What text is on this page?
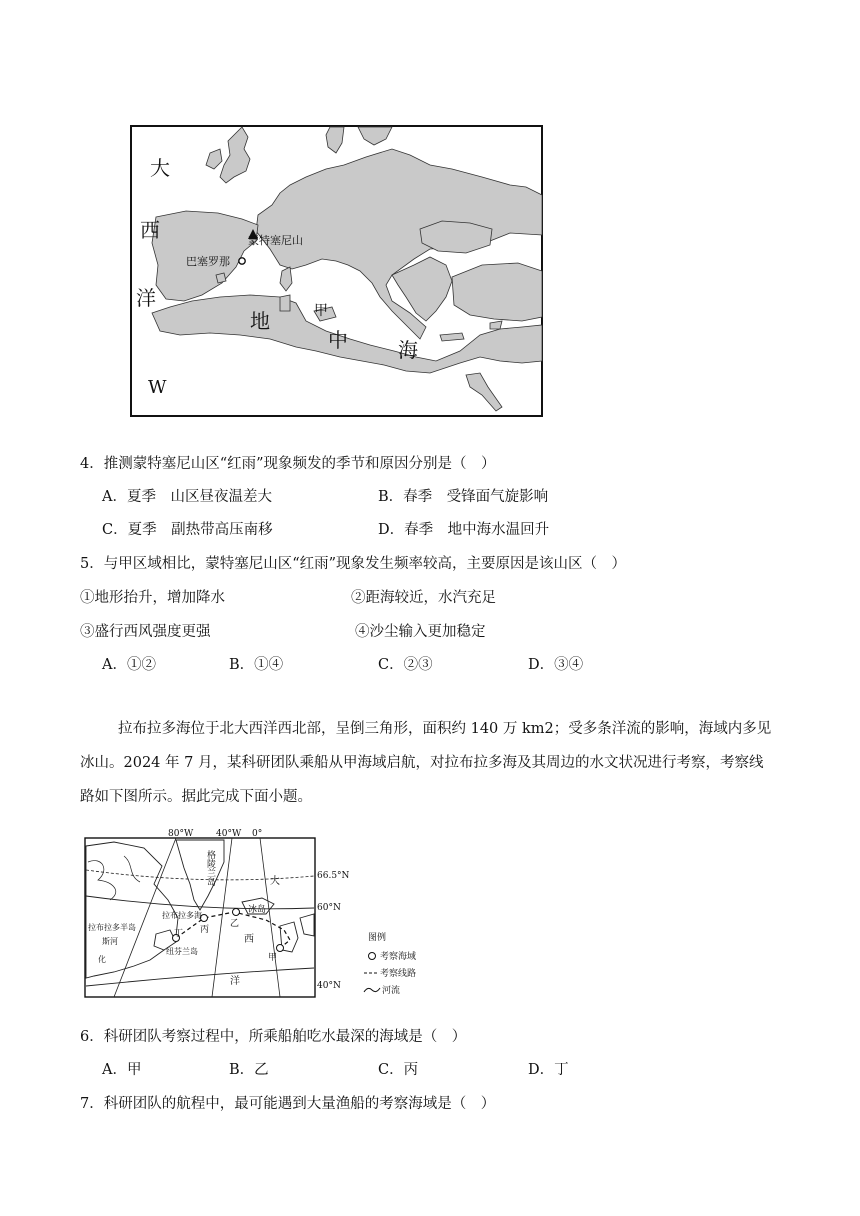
大
西
洋
W
地
中	海
甲
蒙特塞尼山
巴塞罗那
4．推测蒙特塞尼山区“红雨”现象频发的季节和原因分别是（　）
A．夏季　山区昼夜温差大	B．春季　受锋面气旋影响
C．夏季　副热带高压南移	D．春季　地中海水温回升
5．与甲区域相比，蒙特塞尼山区“红雨”现象发生频率较高，主要原因是该山区（　）
①地形抬升，增加降水	②距海较近，水汽充足
③盛行西风强度更强	④沙尘输入更加稳定
A．①②	B．①④	C．②③	D．③④
拉布拉多海位于北大西洋西北部，呈倒三角形，面积约 140 万 km2；受多条洋流的影响，海域内多见
冰山。2024 年 7 月，某科研团队乘船从甲海域启航，对拉布拉多海及其周边的水文状况进行考察，考察线
路如下图所示。据此完成下面小题。
80°W	40°W 0°
66.5°N
60°N
40°N
格陵兰岛	大
冰岛
拉布拉多海
丙
乙
西
甲
丁
纽芬兰岛
拉布拉多半岛
斯河
化
洋
图例
考察海域
考察线路
河流
6．科研团队考察过程中，所乘船舶吃水最深的海域是（　）
A．甲	B．乙	C．丙	D．丁
7．科研团队的航程中，最可能遇到大量渔船的考察海域是（　）
